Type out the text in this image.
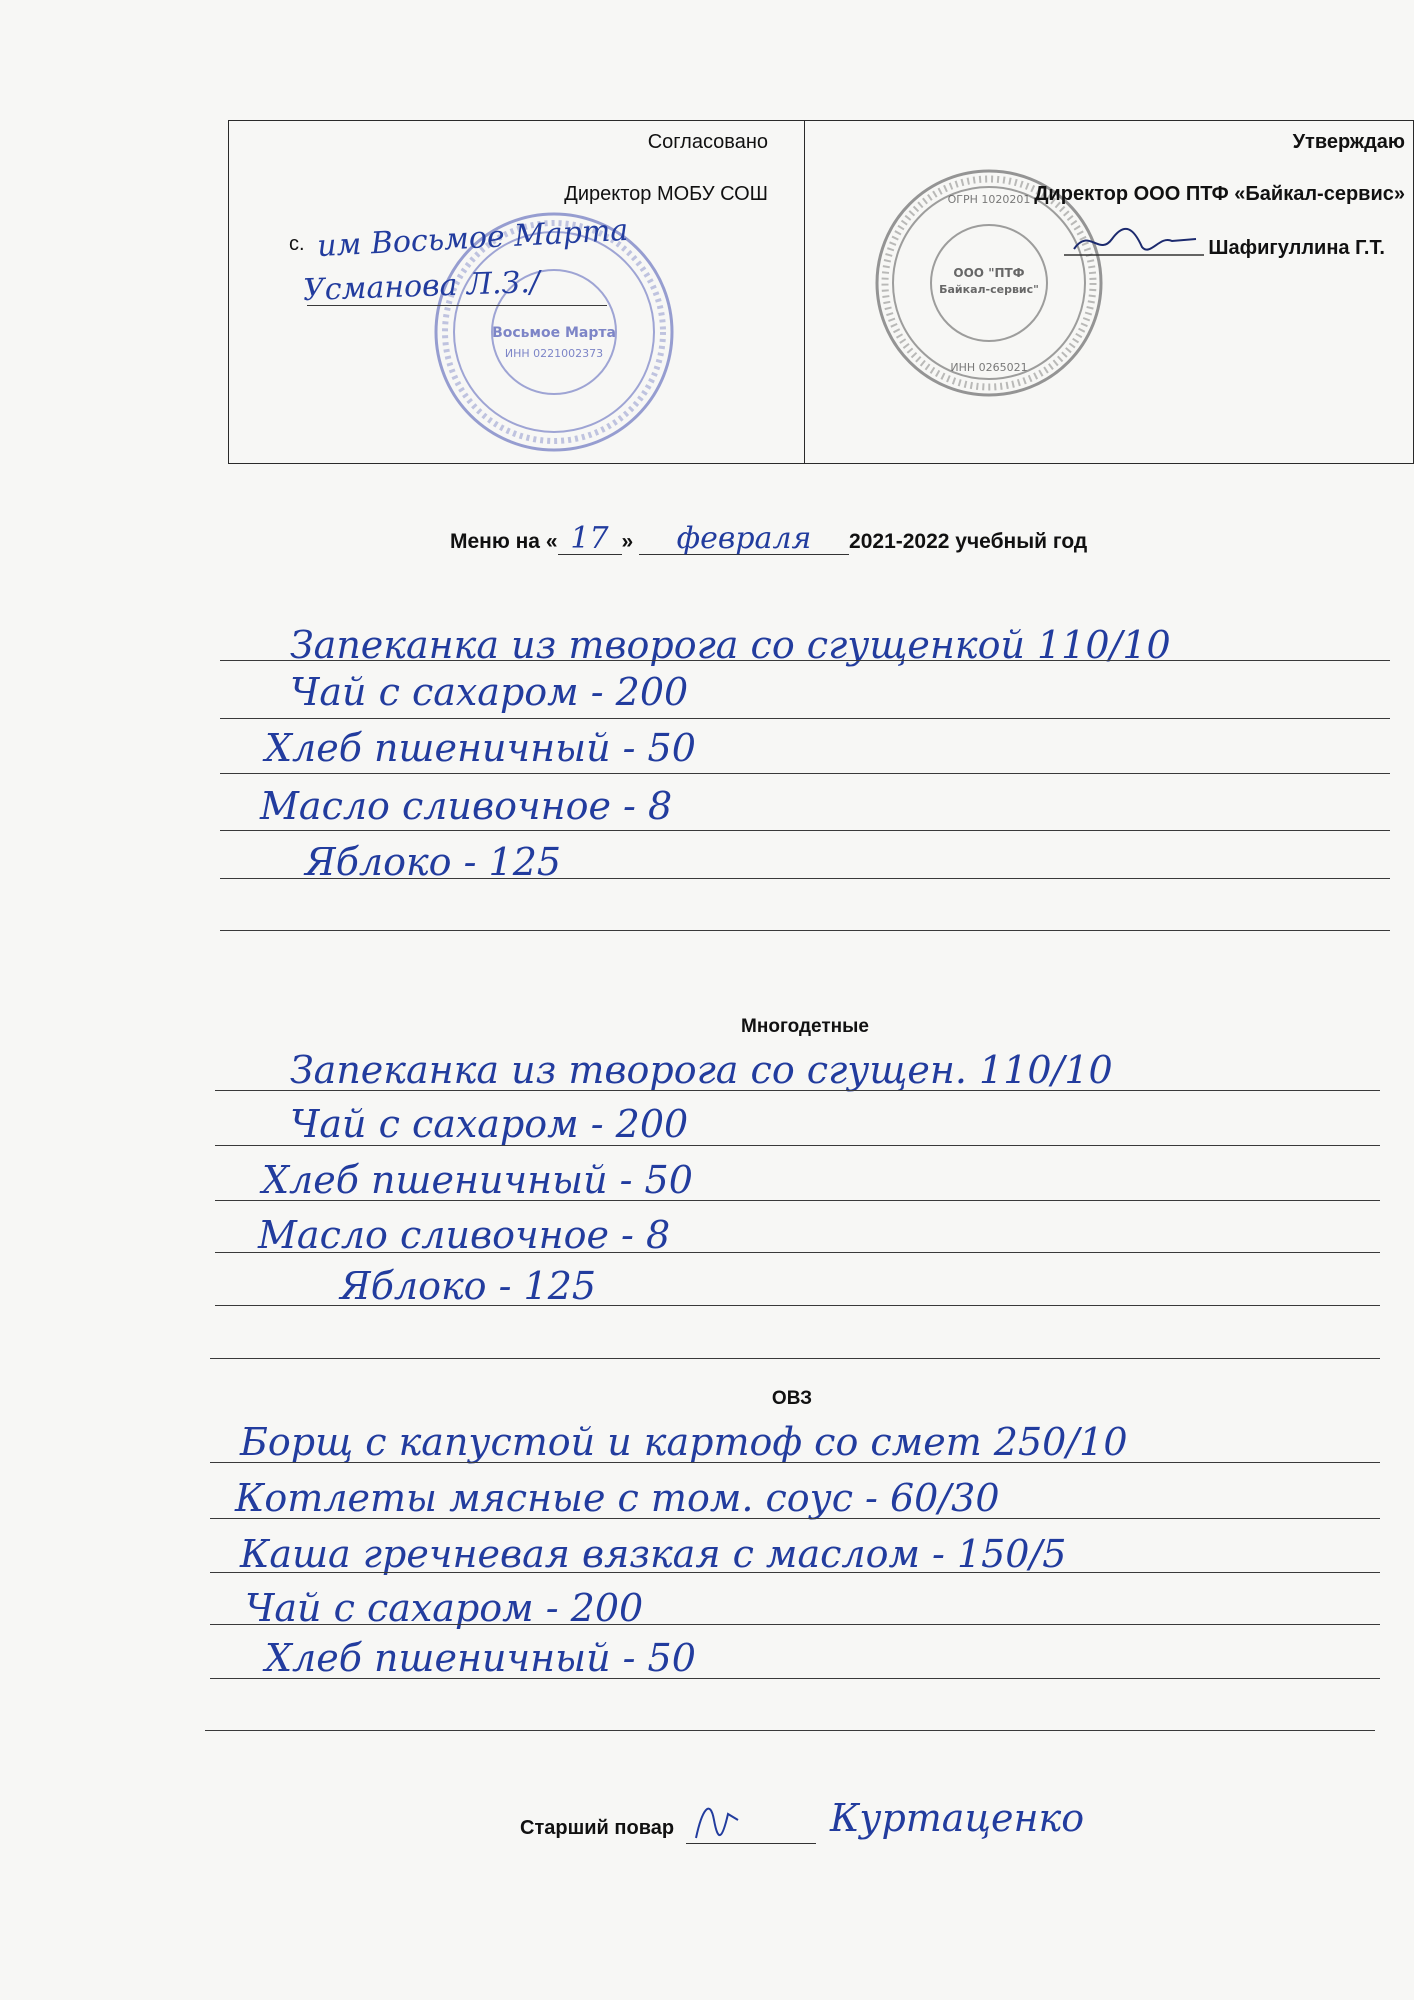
Согласовано
Директор МОБУ СОШ
с.
Восьмое Марта
ИНН 0221002373
им Восьмое Марта
Усманова Л.З./
Утверждаю
ООО "ПТФ
Байкал-сервис"
ОГРН 1020201
ИНН 0265021
Директор ООО ПТФ «Байкал-сервис»
Шафигуллина Г.Т.
Меню на « 17 » февраля 2021-2022 учебный год
Запеканка из творога со сгущенкой 110/10
Чай с сахаром - 200
Хлеб пшеничный - 50
Масло сливочное - 8
Яблоко - 125
Многодетные
Запеканка из творога со сгущен. 110/10
Чай с сахаром - 200
Хлеб пшеничный - 50
Масло сливочное - 8
Яблоко - 125
ОВЗ
Борщ с капустой и картоф со смет 250/10
Котлеты мясные с том. соус - 60/30
Каша гречневая вязкая с маслом - 150/5
Чай с сахаром - 200
Хлеб пшеничный - 50
Старший повар	Куртаценко
